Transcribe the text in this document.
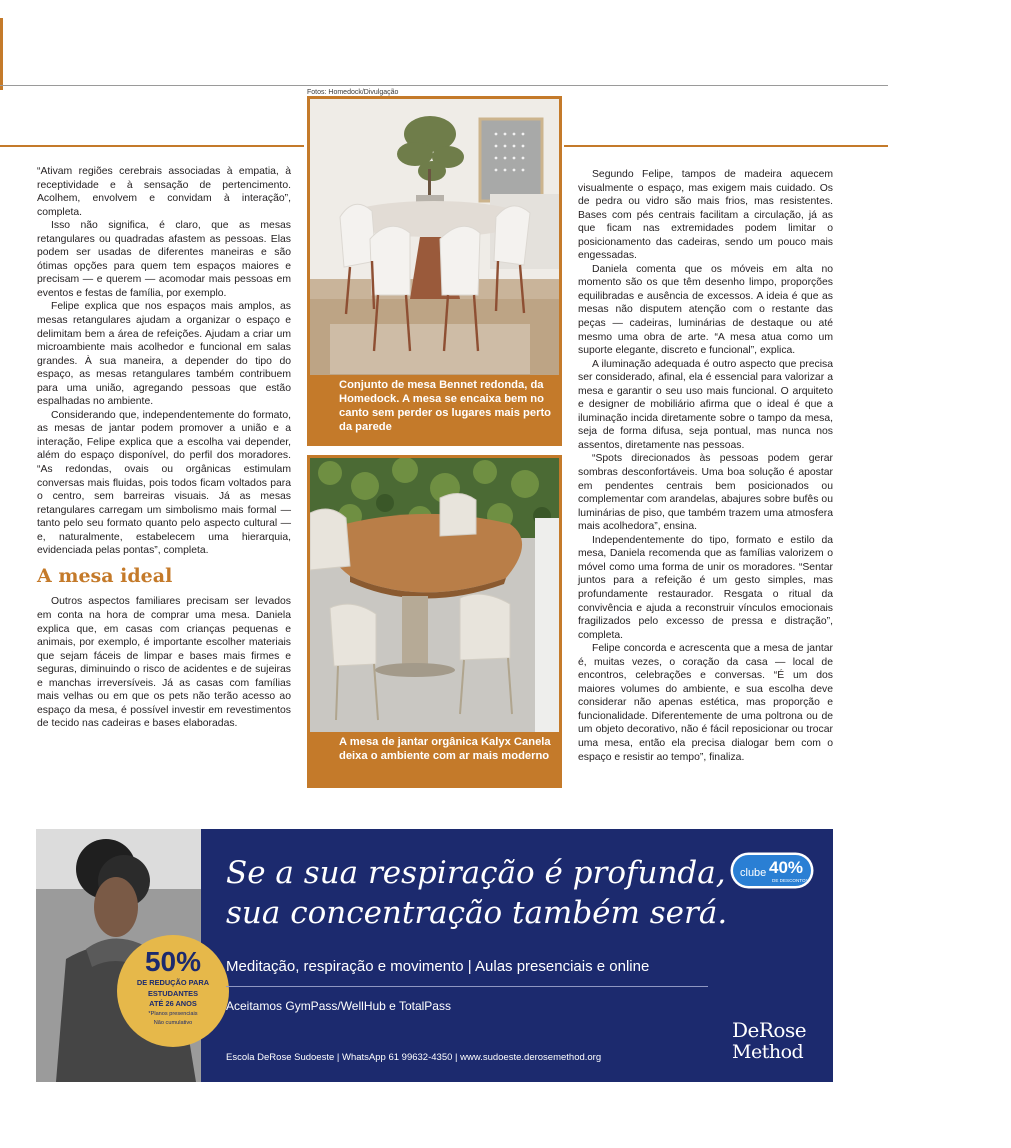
Fotos: Homedock/Divulgação

“Ativam regiões cerebrais associadas à empatia, à receptividade e à sensação de pertencimento. Acolhem, envolvem e convidam à interação”, completa.

Isso não significa, é claro, que as mesas retangulares ou quadradas afastem as pessoas. Elas podem ser usadas de diferentes maneiras e são ótimas opções para quem tem espaços maiores e precisam — e querem — acomodar mais pessoas em eventos e festas de família, por exemplo.

Felipe explica que nos espaços mais amplos, as mesas retangulares ajudam a organizar o espaço e delimitam bem a área de refeições. Ajudam a criar um microambiente mais acolhedor e funcional em salas grandes. À sua maneira, a depender do tipo do espaço, as mesas retangulares também contribuem para uma união, agregando pessoas que estão espalhadas no ambiente.

Considerando que, independentemente do formato, as mesas de jantar podem promover a união e a interação, Felipe explica que a escolha vai depender, além do espaço disponível, do perfil dos moradores. “As redondas, ovais ou orgânicas estimulam conversas mais fluidas, pois todos ficam voltados para o centro, sem barreiras visuais. Já as mesas retangulares carregam um simbolismo mais formal — tanto pelo seu formato quanto pelo aspecto cultural — e, naturalmente, estabelecem uma hierarquia, evidenciada pelas pontas”, completa.

A mesa ideal

Outros aspectos familiares precisam ser levados em conta na hora de comprar uma mesa. Daniela explica que, em casas com crianças pequenas e animais, por exemplo, é importante escolher materiais que sejam fáceis de limpar e bases mais firmes e seguras, diminuindo o risco de acidentes e de sujeiras e manchas irreversíveis. Já as casas com famílias mais velhas ou em que os pets não terão acesso ao espaço da mesa, é possível investir em revestimentos de tecido nas cadeiras e bases elaboradas.

Conjunto de mesa Bennet redonda, da Homedock. A mesa se encaixa bem no canto sem perder os lugares mais perto da parede
A mesa de jantar orgânica Kalyx Canela deixa o ambiente com ar mais moderno

Segundo Felipe, tampos de madeira aquecem visualmente o espaço, mas exigem mais cuidado. Os de pedra ou vidro são mais frios, mas resistentes. Bases com pés centrais facilitam a circulação, já as que ficam nas extremidades podem limitar o posicionamento das cadeiras, sendo um pouco mais engessadas.

Daniela comenta que os móveis em alta no momento são os que têm desenho limpo, proporções equilibradas e ausência de excessos. A ideia é que as mesas não disputem atenção com o restante das peças — cadeiras, luminárias de destaque ou até mesmo uma obra de arte. “A mesa atua como um suporte elegante, discreto e funcional”, explica.

A iluminação adequada é outro aspecto que precisa ser considerado, afinal, ela é essencial para valorizar a mesa e garantir o seu uso mais funcional. O arquiteto e designer de mobiliário afirma que o ideal é que a iluminação incida diretamente sobre o tampo da mesa, seja de forma difusa, seja pontual, mas nunca nos assentos, diretamente nas pessoas.

“Spots direcionados às pessoas podem gerar sombras desconfortáveis. Uma boa solução é apostar em pendentes centrais bem posicionados ou complementar com arandelas, abajures sobre bufês ou luminárias de piso, que também trazem uma atmosfera mais acolhedora”, ensina.

Independentemente do tipo, formato e estilo da mesa, Daniela recomenda que as famílias valorizem o móvel como uma forma de unir os moradores. “Sentar juntos para a refeição é um gesto simples, mas profundamente restaurador. Resgata o ritual da convivência e ajuda a reconstruir vínculos emocionais fragilizados pelo excesso de pressa e distração”, completa.

Felipe concorda e acrescenta que a mesa de jantar é, muitas vezes, o coração da casa — local de encontros, celebrações e conversas. “É um dos maiores volumes do ambiente, e sua escolha deve considerar não apenas estética, mas proporção e funcionalidade. Diferentemente de uma poltrona ou de um objeto decorativo, não é fácil reposicionar ou trocar uma mesa, então ela precisa dialogar bem com o espaço e resistir ao tempo”, finaliza.

50%
DE REDUÇÃO PARA
ESTUDANTES
ATÉ 26 ANOS
*Planos presenciais
Não cumulativo
Se a sua respiração é profunda,
sua concentração também será.
clube 40%
DE DESCONTO*
Meditação, respiração e movimento | Aulas presenciais e online
Aceitamos GymPass/WellHub e TotalPass
Escola DeRose Sudoeste | WhatsApp 61 99632-4350 | www.sudoeste.derosemethod.org
DeRose
Method
